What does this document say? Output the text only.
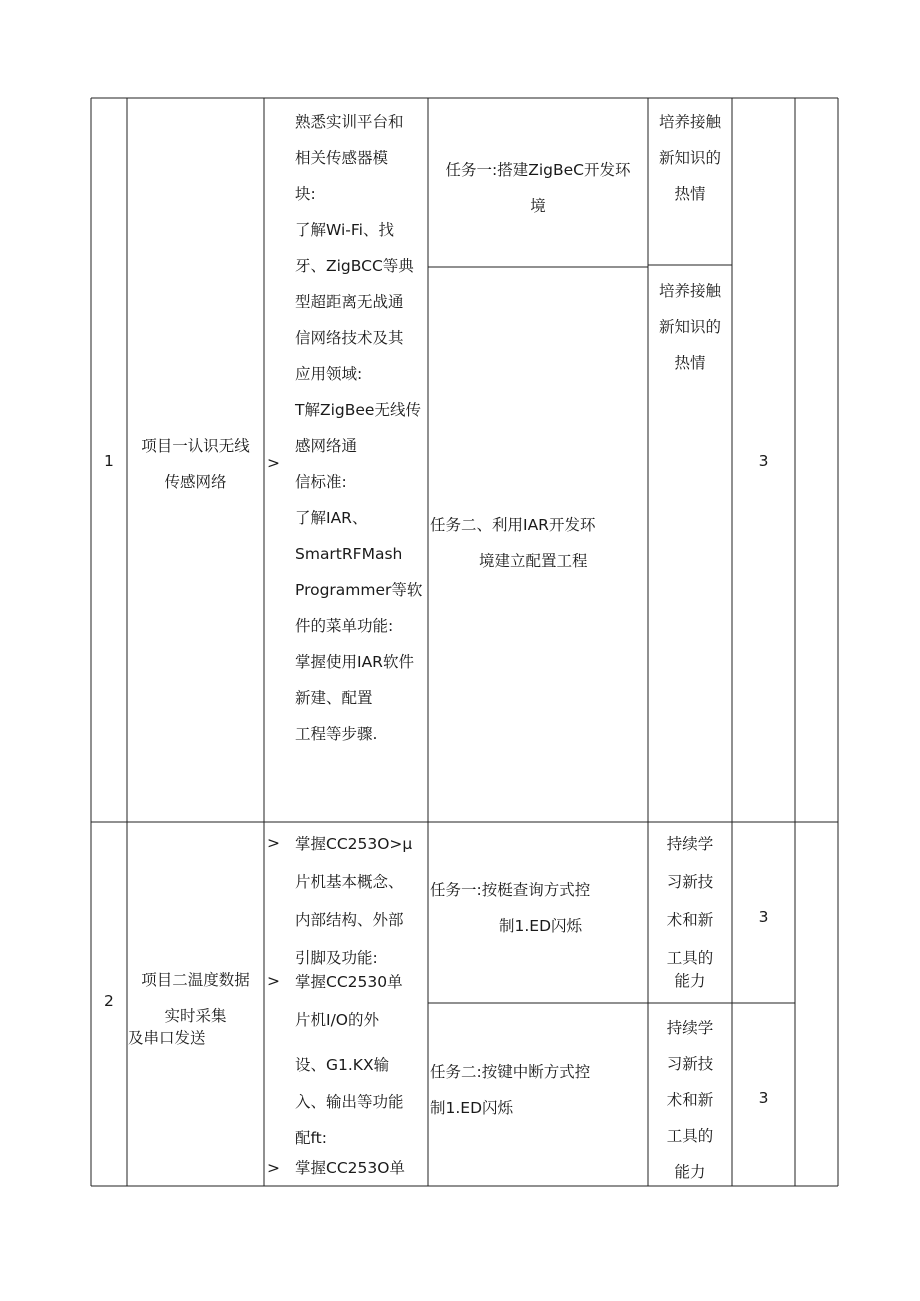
1
项目一认识无线
传感网络
>
熟悉实训平台和
相关传感器模
块:
了解Wi-Fi、找
牙、ZigBCC等典
型超距离无战通
信网络技术及其
应用领域:
T解ZigBee无线传
感网络通
信标准:
了解IAR、
SmartRFMash
Programmer等软
件的菜单功能:
掌握使用IAR软件
新建、配置
工程等步骤.
任务一:搭建ZigBeC开发环
境
培养接触
新知识的
热情
任务二、利用IAR开发环
境建立配置工程
培养接触
新知识的
热情
3
2
项目二温度数据
实时采集
及串口发送
>
>
>
掌握CC253O>µ
片机基本概念、
内部结构、外部
引脚及功能:
掌握CC2530单
片机I/O的外
设、G1.KX输
入、输出等功能
配ft:
掌握CC253O单
任务一:按梃查询方式控
制1.ED闪烁
持续学
习新技
术和新
工具的
能力
3
任务二:按键中断方式控
制1.ED闪烁
持续学
习新技
术和新
工具的
能力
3
